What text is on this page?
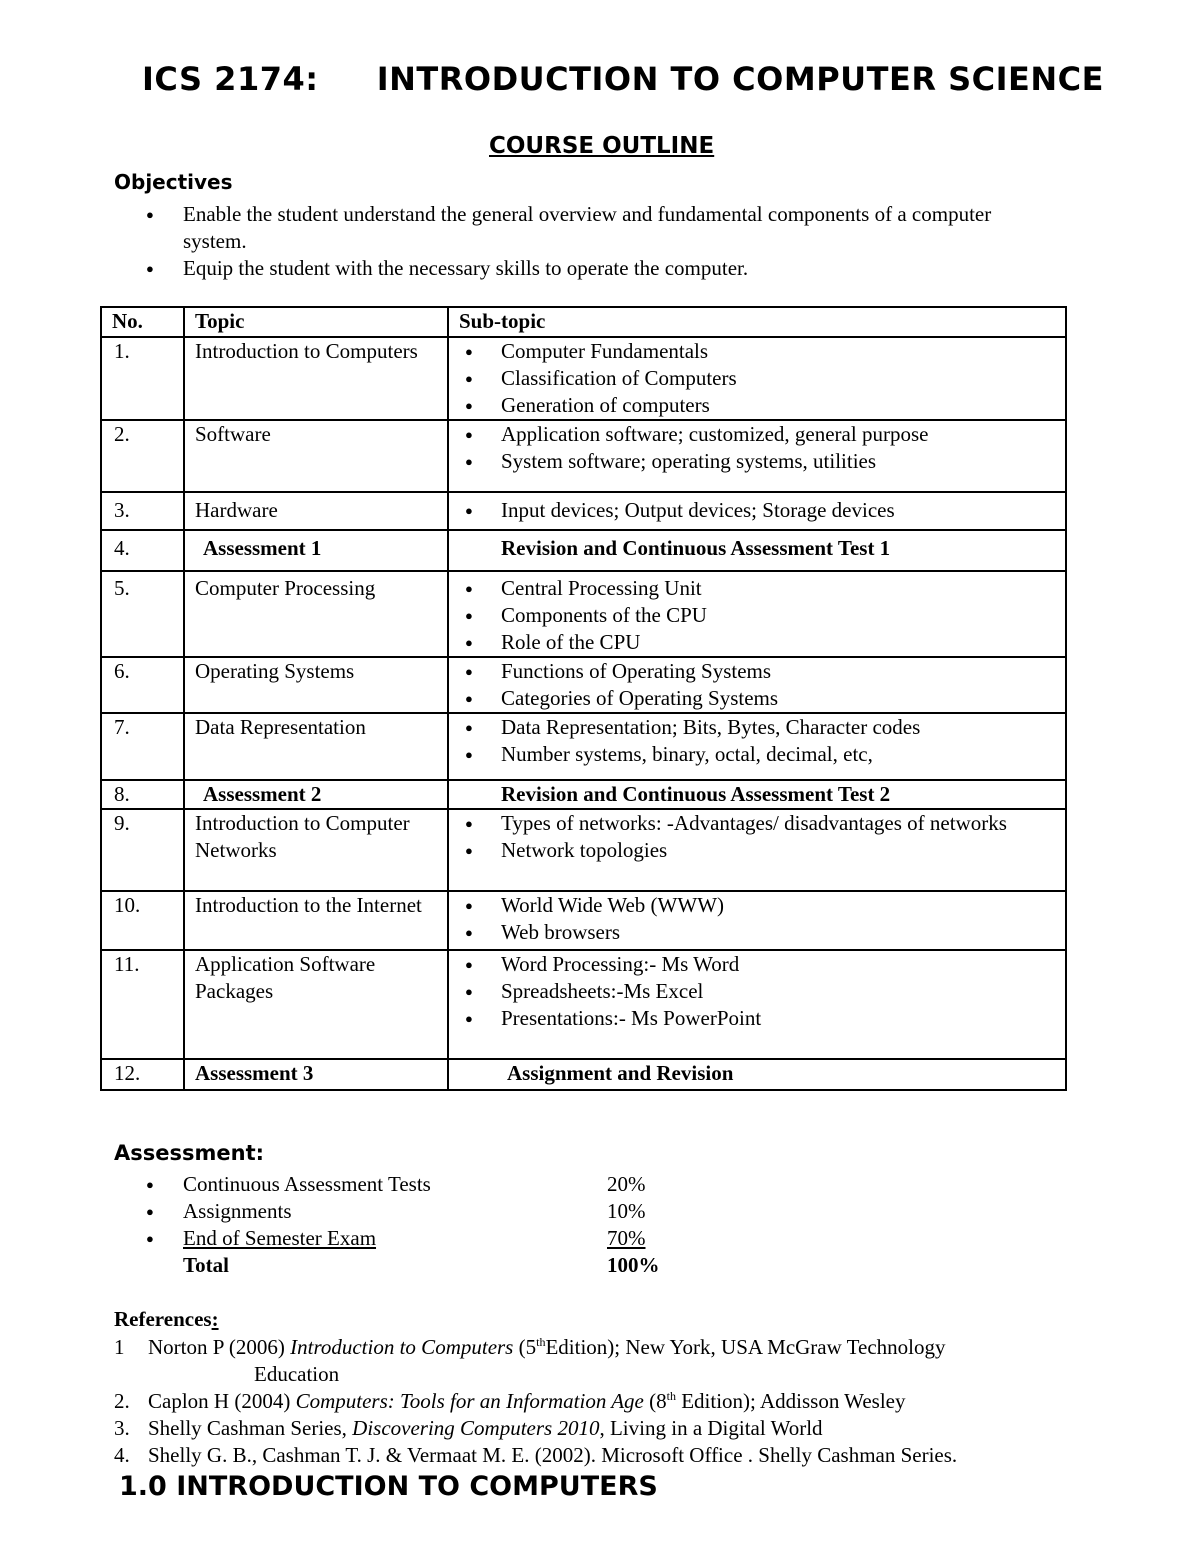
ICS 2174:     INTRODUCTION TO COMPUTER SCIENCE
COURSE OUTLINE
Objectives
● Enable the student understand the general overview and fundamental components of a computer system.
● Equip the student with the necessary skills to operate the computer.
No.	Topic	Sub-topic
1.	Introduction to Computers	● Computer Fundamentals
● Classification of Computers
● Generation of computers

2.	Software	● Application software; customized, general purpose
● System software; operating systems, utilities

3.	Hardware	● Input devices; Output devices; Storage devices

4.	Assessment 1	Revision and Continuous Assessment Test 1
5.	Computer Processing	● Central Processing Unit
● Components of the CPU
● Role of the CPU

6.	Operating Systems	● Functions of Operating Systems
● Categories of Operating Systems

7.	Data Representation	● Data Representation; Bits, Bytes, Character codes
● Number systems, binary, octal, decimal, etc,

8.	Assessment 2	Revision and Continuous Assessment Test 2
9.	Introduction to Computer Networks	● Types of networks: -Advantages/ disadvantages of networks
● Network topologies

10.	Introduction to the Internet	● World Wide Web (WWW)
● Web browsers

11.	Application Software Packages	● Word Processing:- Ms Word
● Spreadsheets:-Ms Excel
● Presentations:- Ms PowerPoint

12.	Assessment 3	Assignment and Revision
Assessment:
● Continuous Assessment Tests	20%
● Assignments	10%
● End of Semester Exam	70%
Total	100%
References:
1 Norton P (2006) Introduction to Computers (5thEdition); New York, USA McGraw Technology
Education
2. Caplon H (2004) Computers: Tools for an Information Age (8th Edition); Addisson Wesley
3. Shelly Cashman Series, Discovering Computers 2010, Living in a Digital World
4. Shelly G. B., Cashman T. J. & Vermaat M. E. (2002). Microsoft Office . Shelly Cashman Series.
1.0 INTRODUCTION TO COMPUTERS
